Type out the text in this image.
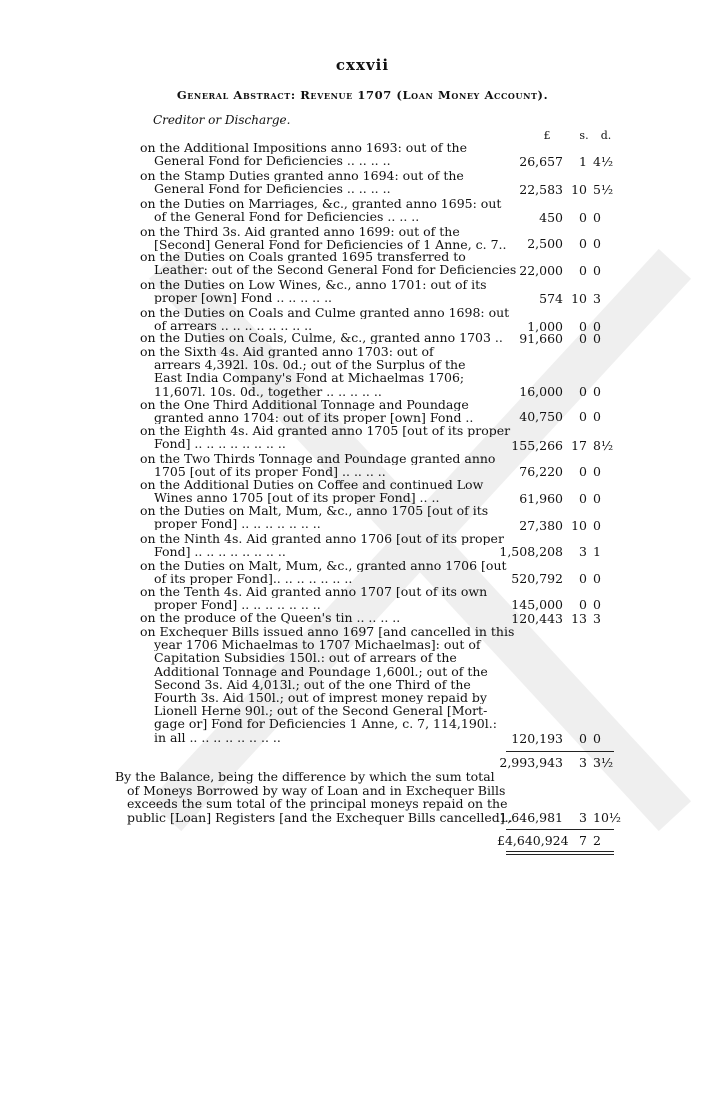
cxxvii
General Abstract: Revenue 1707 (Loan Money Account).
Creditor or Discharge.
£	s.	d.
on the Additional Impositions anno 1693: out of the
General Fond for Deficiencies .. .. .. ..	26,657	1 4½
on the Stamp Duties granted anno 1694: out of the
General Fond for Deficiencies .. .. .. ..	22,583 10 5½
on the Duties on Marriages, &c., granted anno 1695: out
of the General Fond for Deficiencies .. .. ..	450	0 0
on the Third 3s. Aid granted anno 1699: out of the
[Second] General Fond for Deficiencies of 1 Anne, c. 7..	2,500	0 0
on the Duties on Coals granted 1695 transferred to
Leather: out of the Second General Fond for Deficiencies 22,000	0 0
on the Duties on Low Wines, &c., anno 1701: out of its
proper [own] Fond .. .. .. .. ..	574 10 3
on the Duties on Coals and Culme granted anno 1698: out
of arrears .. .. .. .. .. .. .. ..	1,000	0 0
on the Duties on Coals, Culme, &c., granted anno 1703 ..	91,660	0 0
on the Sixth 4s. Aid granted anno 1703: out of
arrears 4,392l. 10s. 0d.; out of the Surplus of the
East India Company's Fond at Michaelmas 1706;
11,607l. 10s. 0d., together .. .. .. .. ..	16,000	0 0
on the One Third Additional Tonnage and Poundage
granted anno 1704: out of its proper [own] Fond ..	40,750	0 0
on the Eighth 4s. Aid granted anno 1705 [out of its proper
Fond] .. .. .. .. .. .. .. ..	155,266 17 8½
on the Two Thirds Tonnage and Poundage granted anno
1705 [out of its proper Fond] .. .. .. ..	76,220	0 0
on the Additional Duties on Coffee and continued Low
Wines anno 1705 [out of its proper Fond] .. ..	61,960	0 0
on the Duties on Malt, Mum, &c., anno 1705 [out of its
proper Fond] .. .. .. .. .. .. ..	27,380 10 0
on the Ninth 4s. Aid granted anno 1706 [out of its proper
Fond] .. .. .. .. .. .. .. ..	1,508,208	3 1
on the Duties on Malt, Mum, &c., granted anno 1706 [out
of its proper Fond].. .. .. .. .. .. ..	520,792	0 0
on the Tenth 4s. Aid granted anno 1707 [out of its own
proper Fond] .. .. .. .. .. .. ..	145,000	0 0
on the produce of the Queen's tin .. .. .. ..	120,443 13 3
on Exchequer Bills issued anno 1697 [and cancelled in this
year 1706 Michaelmas to 1707 Michaelmas]: out of
Capitation Subsidies 150l.: out of arrears of the
Additional Tonnage and Poundage 1,600l.; out of the
Second 3s. Aid 4,013l.; out of the one Third of the
Fourth 3s. Aid 150l.; out of imprest money repaid by
Lionell Herne 90l.; out of the Second General [Mort-
gage or] Fond for Deficiencies 1 Anne, c. 7, 114,190l.:
in all .. .. .. .. .. .. .. ..	120,193	0 0
2,993,943	3 3½
By the Balance, being the difference by which the sum total
of Moneys Borrowed by way of Loan and in Exchequer Bills
exceeds the sum total of the principal moneys repaid on the
public [Loan] Registers [and the Exchequer Bills cancelled]..
1,646,981	3 10½
£4,640,924 7 2
